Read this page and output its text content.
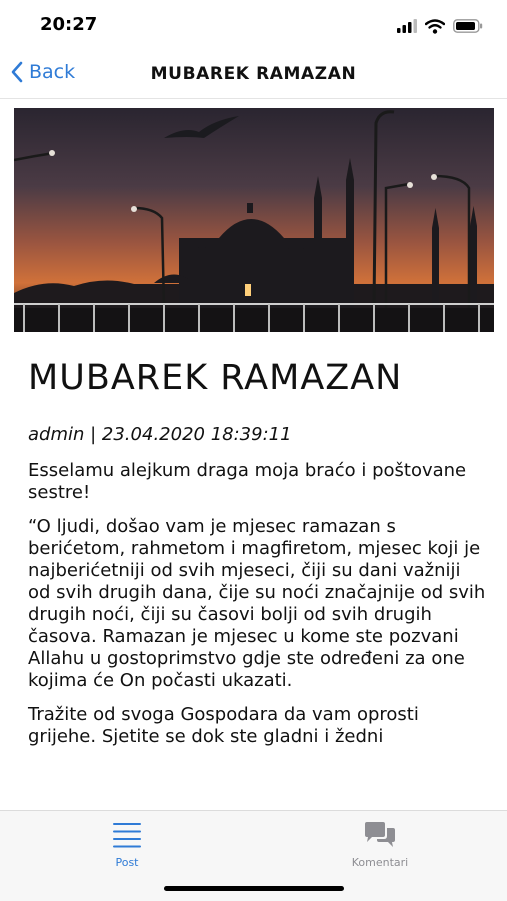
20:27
Back	MUBAREK RAMAZAN
MUBAREK RAMAZAN
admin | 23.04.2020 18:39:11

Esselamu alejkum draga moja braćo i poštovane sestre!

“O ljudi, došao vam je mjesec ramazan s berićetom, rahmetom i magfiretom, mjesec koji je najberićetniji od svih mjeseci, čiji su dani važniji od svih drugih dana, čije su noći značajnije od svih drugih noći, čiji su časovi bolji od svih drugih časova. Ramazan je mjesec u kome ste pozvani Allahu u gostoprimstvo gdje ste određeni za one kojima će On počasti ukazati.

Tražite od svoga Gospodara da vam oprosti grijehe. Sjetite se dok ste gladni i žedni

Post	Komentari
